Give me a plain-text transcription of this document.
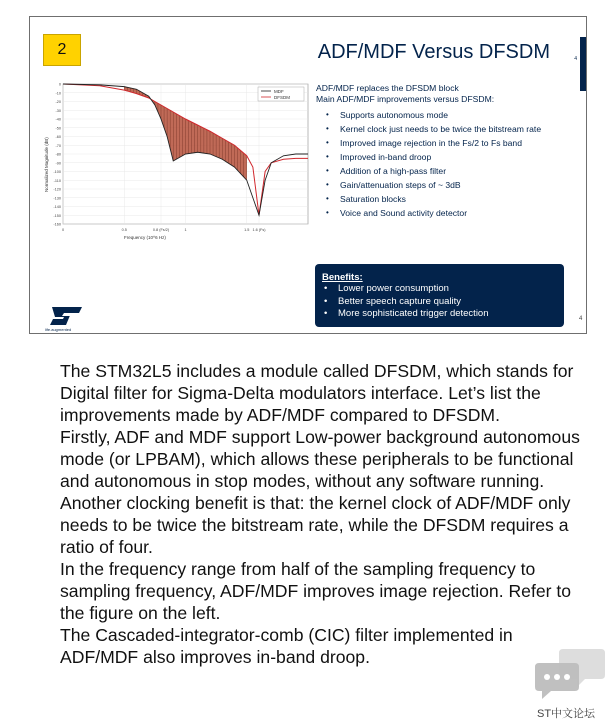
2	ADF/MDF Versus DFSDM	4
0
-10
-20
-30
-40
-50
-60
-70
-80
-90
-100
-110
-120
-130
-140
-150
-160
0	0.5	0.8 (Fs/2)	1	1.5 1.6 (Fs)
MDF
DFSDM
Frequency (10^6 Hz)
Normalized Magnitude (dB)

ADF/MDF replaces the DFSDM block
Main ADF/MDF improvements versus DFSDM:

• Supports autonomous mode
• Kernel clock just needs to be twice the bitstream rate
• Improved image rejection in the Fs/2 to Fs band
• Improved in-band droop
• Addition of a high-pass filter
• Gain/attenuation steps of ~ 3dB
• Saturation blocks
• Voice and Sound activity detector
Benefits:
• Lower power consumption
• Better speech capture quality
• More sophisticated trigger detection	4
life.augmented

The STM32L5 includes a module called DFSDM, which stands for Digital filter for Sigma-Delta modulators interface. Let’s list the improvements made by ADF/MDF compared to DFSDM.

Firstly, ADF and MDF support Low-power background autonomous mode (or LPBAM), which allows these peripherals to be functional and autonomous in stop modes, without any software running.

Another clocking benefit is that: the kernel clock of ADF/MDF only needs to be twice the bitstream rate, while the DFSDM requires a ratio of four.

In the frequency range from half of the sampling frequency to sampling frequency, ADF/MDF improves image rejection. Refer to the figure on the left.

The Cascaded-integrator-comb (CIC) filter implemented in ADF/MDF also improves in-band droop.

ST中文论坛
